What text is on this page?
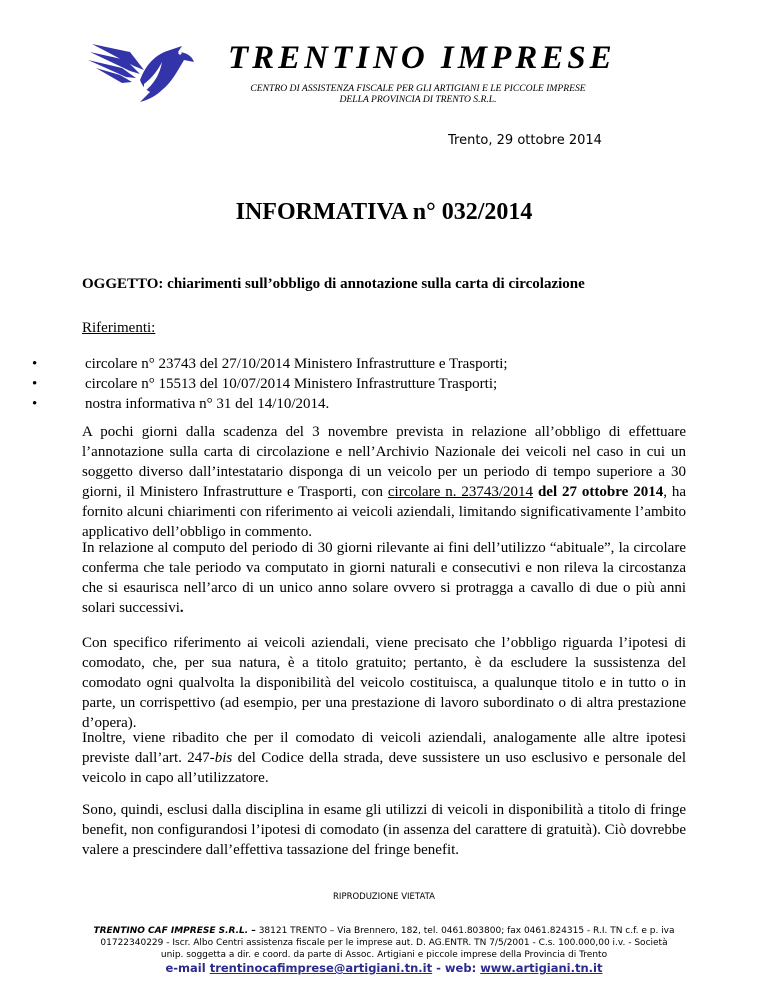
TRENTINO IMPRESE
CENTRO DI ASSISTENZA FISCALE PER GLI ARTIGIANI E LE PICCOLE IMPRESE
DELLA PROVINCIA DI TRENTO S.R.L.
Trento, 29 ottobre 2014
INFORMATIVA n° 032/2014
OGGETTO: chiarimenti sull’obbligo di annotazione sulla carta di circolazione
Riferimenti:
•	circolare n° 23743 del 27/10/2014 Ministero Infrastrutture e Trasporti;
•	circolare n° 15513 del 10/07/2014 Ministero Infrastrutture Trasporti;
•	nostra informativa n° 31 del 14/10/2014.

A pochi giorni dalla scadenza del 3 novembre prevista in relazione all’obbligo di effettuare l’annotazione sulla carta di circolazione e nell’Archivio Nazionale dei veicoli nel caso in cui un soggetto diverso dall’intestatario disponga di un veicolo per un periodo di tempo superiore a 30 giorni, il Ministero Infrastrutture e Trasporti, con circolare n. 23743/2014 del 27 ottobre 2014, ha fornito alcuni chiarimenti con riferimento ai veicoli aziendali, limitando significativamente l’ambito applicativo dell’obbligo in commento.

In relazione al computo del periodo di 30 giorni rilevante ai fini dell’utilizzo “abituale”, la circolare conferma che tale periodo va computato in giorni naturali e consecutivi e non rileva la circostanza che si esaurisca nell’arco di un unico anno solare ovvero si protragga a cavallo di due o più anni solari successivi.

Con specifico riferimento ai veicoli aziendali, viene precisato che l’obbligo riguarda l’ipotesi di comodato, che, per sua natura, è a titolo gratuito; pertanto, è da escludere la sussistenza del comodato ogni qualvolta la disponibilità del veicolo costituisca, a qualunque titolo e in tutto o in parte, un corrispettivo (ad esempio, per una prestazione di lavoro subordinato o di altra prestazione d’opera).

Inoltre, viene ribadito che per il comodato di veicoli aziendali, analogamente alle altre ipotesi previste dall’art. 247-bis del Codice della strada, deve sussistere un uso esclusivo e personale del veicolo in capo all’utilizzatore.

Sono, quindi, esclusi dalla disciplina in esame gli utilizzi di veicoli in disponibilità a titolo di fringe benefit, non configurandosi l’ipotesi di comodato (in assenza del carattere di gratuità). Ciò dovrebbe valere a prescindere dall’effettiva tassazione del fringe benefit.

RIPRODUZIONE VIETATA
TRENTINO CAF IMPRESE S.R.L. – 38121 TRENTO – Via Brennero, 182, tel. 0461.803800; fax 0461.824315 - R.I. TN c.f. e p. iva
01722340229 - Iscr. Albo Centri assistenza fiscale per le imprese aut. D. AG.ENTR. TN 7/5/2001 - C.s. 100.000,00 i.v. - Società
unip. soggetta a dir. e coord. da parte di Assoc. Artigiani e piccole imprese della Provincia di Trento
e-mail trentinocafimprese@artigiani.tn.it - web: www.artigiani.tn.it
